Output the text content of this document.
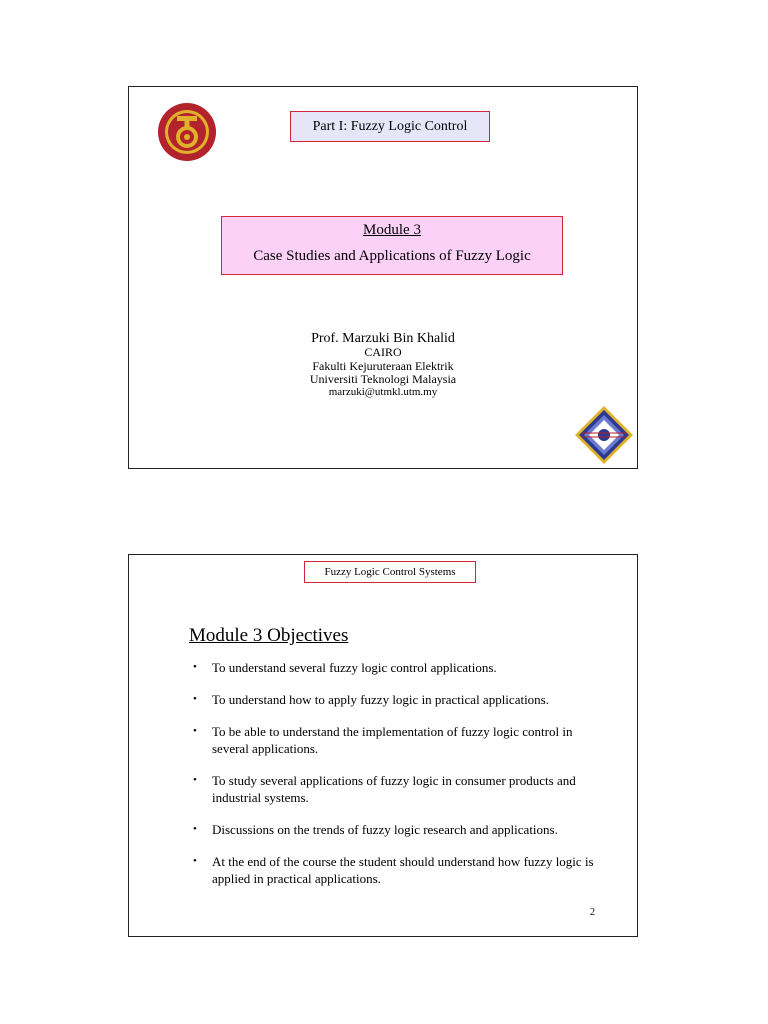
Part I: Fuzzy Logic Control
Module 3
Case Studies and Applications of Fuzzy Logic
Prof. Marzuki Bin Khalid
CAIRO
Fakulti Kejuruteraan Elektrik
Universiti Teknologi Malaysia
marzuki@utmkl.utm.my
Fuzzy Logic Control Systems
Module 3 Objectives
• To understand several fuzzy logic control applications.
• To understand how to apply fuzzy logic in practical applications.
• To be able to understand the implementation of fuzzy logic control in several applications.
• To study several applications of fuzzy logic in consumer products and industrial systems.
• Discussions on the trends of fuzzy logic research and applications.
• At the end of the course the student should understand how fuzzy logic is applied in practical applications.
2
